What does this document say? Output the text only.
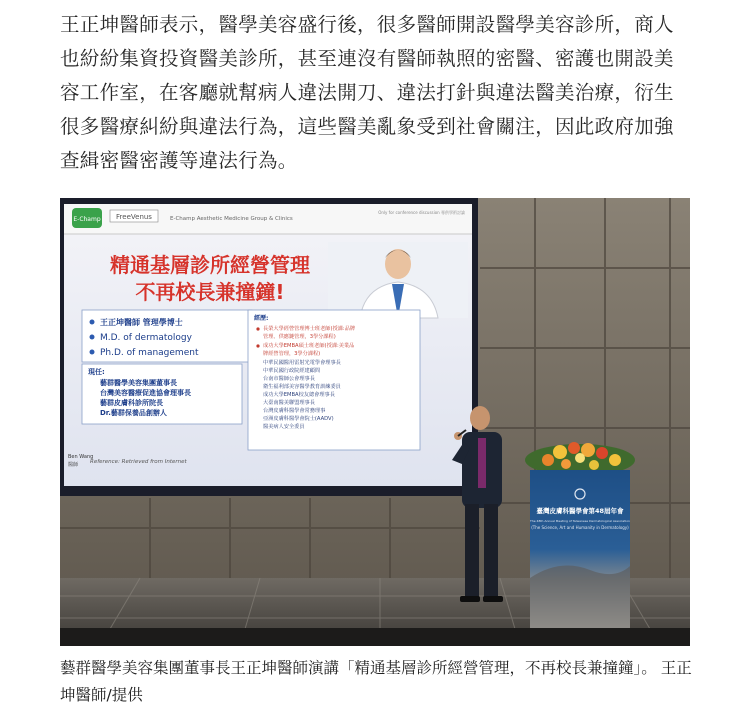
王正坤醫師表示，醫學美容盛行後，很多醫師開設醫學美容診所，商人也紛紛集資投資醫美診所，甚至連沒有醫師執照的密醫、密護也開設美容工作室，在客廳就幫病人違法開刀、違法打針與違法醫美治療，衍生很多醫療糾紛與違法行為，這些醫美亂象受到社會關注，因此政府加強查緝密醫密護等違法行為。

E-Champ FreeVenus	E-Champ Aesthetic Medicine Group & Clinics
Only for conference discussion 專供學術討論
精通基層診所經營管理
不再校長兼撞鐘!
王正坤醫師 管理學博士
M.D. of dermatology
Ph.D. of management
現任:
藝群醫學美容集團董事長
台灣美容醫療促進協會理事長
藝群皮膚科診所院長
Dr.藝群保養品創辦人
經歷:
長榮大學經營管理博士班老師(授課:品牌
管理、供應鏈管理，3學分課程)
成功大學EMBA碩士班老師(授課:美業品
牌經營管理，3學分課程)
中華民國醫用雷射光電學會理事長
中華民國行政院經建顧問
台南市醫師公會理事長
衛生福利部美容醫學教育訓練委員
成功大學EMBA校友總會理事長
大臺南醫美聯盟理事長
台灣皮膚科醫學會常務理事
亞洲皮膚科醫學會院士(AADV)
醫美病人安全委員
Ben Wang
醫師 Reference: Retrieved from Internet
臺灣皮膚科醫學會第48屆年會
The 48th Annual Meeting of Taiwanese Dermatological Association
(The Science, Art and Humanity in Dermatology)

藝群醫學美容集團董事長王正坤醫師演講「精通基層診所經營管理，不再校長兼撞鐘」。 王正坤醫師/提供
